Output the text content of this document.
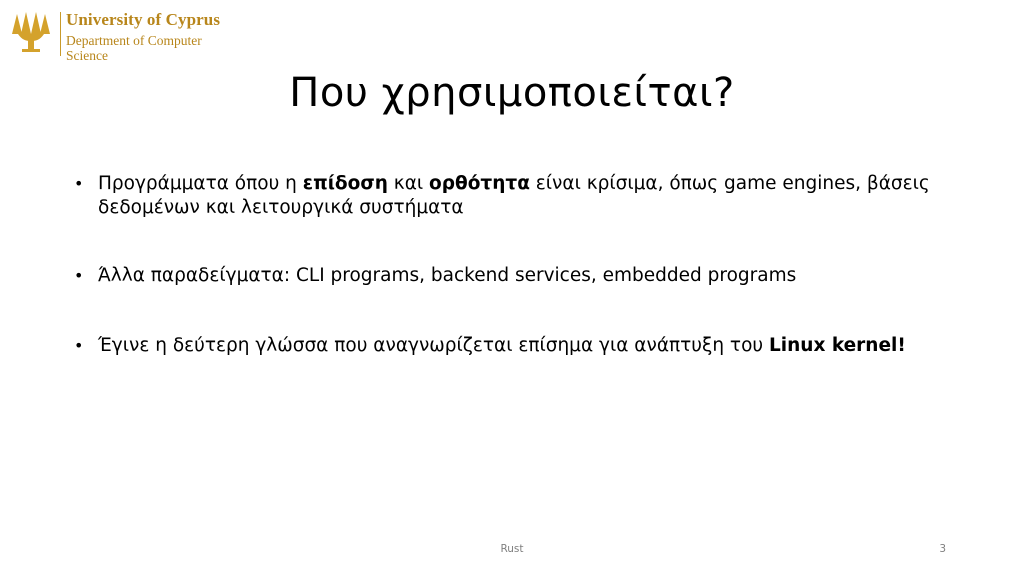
University of Cyprus
Department of Computer
Science
Που χρησιμοποιείται?

• Προγράμματα όπου η επίδοση και ορθότητα είναι κρίσιμα, όπως game engines, βάσεις δεδομένων και λειτουργικά συστήματα

• Άλλα παραδείγματα: CLI programs, backend services, embedded programs

• Έγινε η δεύτερη γλώσσα που αναγνωρίζεται επίσημα για ανάπτυξη του Linux kernel!

Rust	3
